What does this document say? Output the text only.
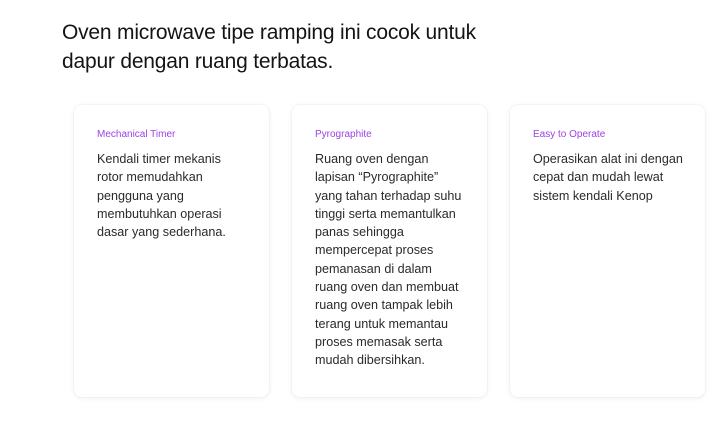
Oven microwave tipe ramping ini cocok untuk dapur dengan ruang terbatas.
Mechanical Timer

Kendali timer mekanis rotor memudahkan pengguna yang membutuhkan operasi dasar yang sederhana.

Pyrographite

Ruang oven dengan lapisan “Pyrographite” yang tahan terhadap suhu tinggi serta memantulkan panas sehingga mempercepat proses pemanasan di dalam ruang oven dan membuat ruang oven tampak lebih terang untuk memantau proses memasak serta mudah dibersihkan.

Easy to Operate

Operasikan alat ini dengan cepat dan mudah lewat sistem kendali Kenop
